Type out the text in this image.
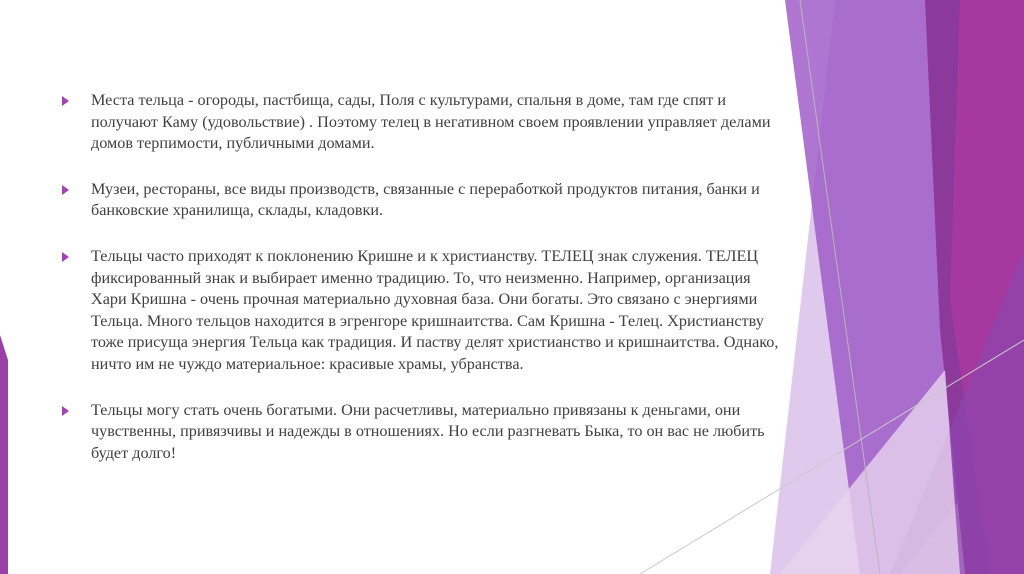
Места тельца - огороды, пастбища, сады, Поля с культурами, спальня в доме, там где спят и получают Каму (удовольствие) . Поэтому телец в негативном своем проявлении управляет делами домов терпимости, публичными домами.
Музеи, рестораны, все виды производств, связанные с переработкой продуктов питания, банки и банковские хранилища, склады, кладовки.
Тельцы часто приходят к поклонению Кришне и к христианству. ТЕЛЕЦ знак служения. ТЕЛЕЦ фиксированный знак и выбирает именно традицию. То, что неизменно. Например, организация Хари Кришна - очень прочная материально духовная база. Они богаты. Это связано с энергиями Тельца. Много тельцов находится в эгренгоре кришнаитства. Сам Кришна - Телец. Христианству тоже присуща энергия Тельца как традиция. И паству делят христианство и кришнаитства. Однако, ничто им не чуждо материальное: красивые храмы, убранства.
Тельцы могу стать очень богатыми. Они расчетливы, материально привязаны к деньгами, они чувственны, привязчивы и надежды в отношениях. Но если разгневать Быка, то он вас не любить будет долго!
